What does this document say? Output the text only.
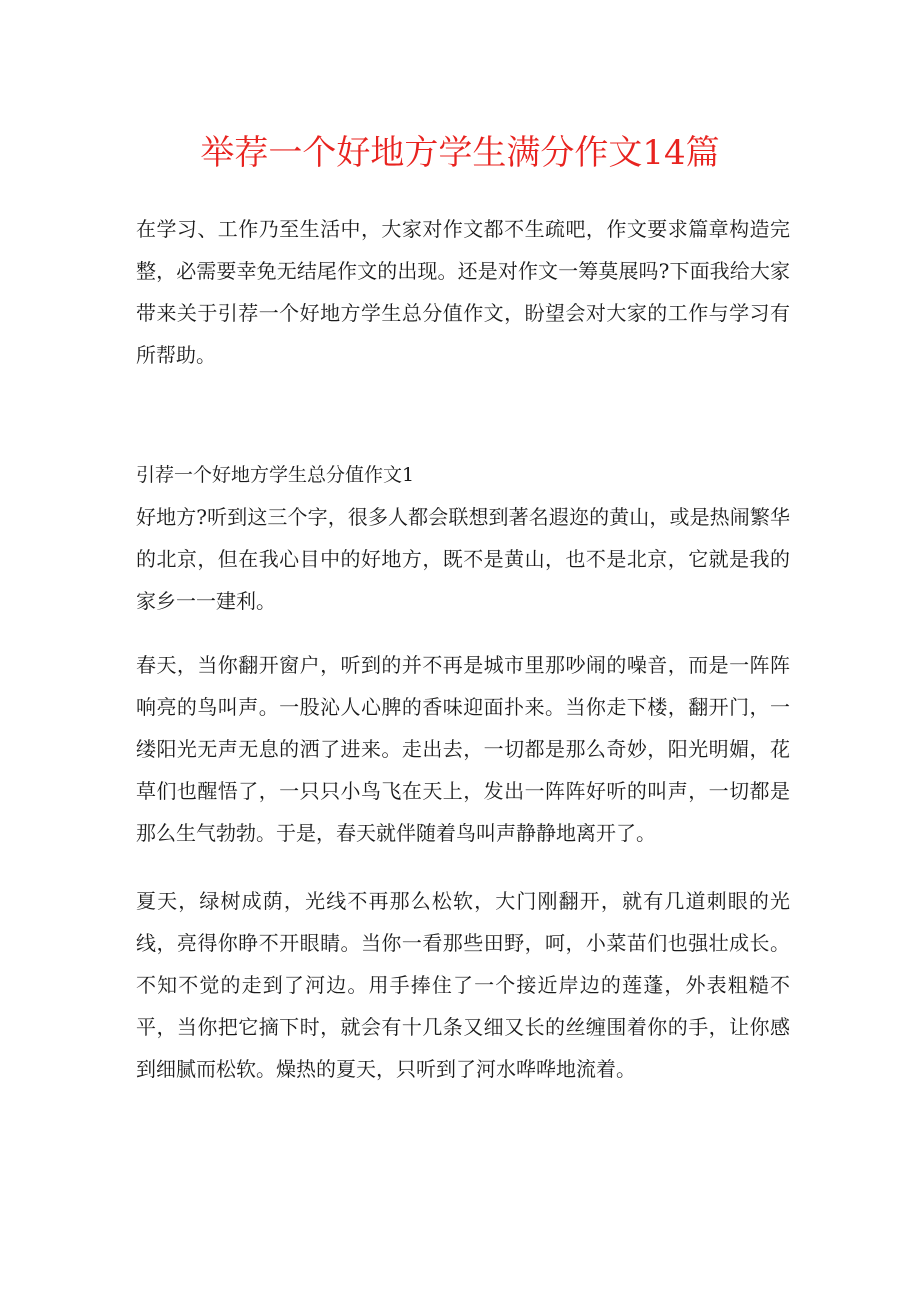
举荐一个好地方学生满分作文14篇

在学习、工作乃至生活中，大家对作文都不生疏吧，作文要求篇章构造完整，必需要幸免无结尾作文的出现。还是对作文一筹莫展吗?下面我给大家带来关于引荐一个好地方学生总分值作文，盼望会对大家的工作与学习有所帮助。

引荐一个好地方学生总分值作文1

好地方?听到这三个字，很多人都会联想到著名遐迩的黄山，或是热闹繁华的北京，但在我心目中的好地方，既不是黄山，也不是北京，它就是我的家乡一一建利。

春天，当你翻开窗户，听到的并不再是城市里那吵闹的噪音，而是一阵阵响亮的鸟叫声。一股沁人心脾的香味迎面扑来。当你走下楼，翻开门，一缕阳光无声无息的洒了进来。走出去，一切都是那么奇妙，阳光明媚，花草们也醒悟了，一只只小鸟飞在天上，发出一阵阵好听的叫声，一切都是那么生气勃勃。于是，春天就伴随着鸟叫声静静地离开了。

夏天，绿树成荫，光线不再那么松软，大门刚翻开，就有几道刺眼的光线，亮得你睁不开眼睛。当你一看那些田野，呵，小菜苗们也强壮成长。不知不觉的走到了河边。用手捧住了一个接近岸边的莲蓬，外表粗糙不平，当你把它摘下时，就会有十几条又细又长的丝缠围着你的手，让你感到细腻而松软。燥热的夏天，只听到了河水哗哗地流着。
